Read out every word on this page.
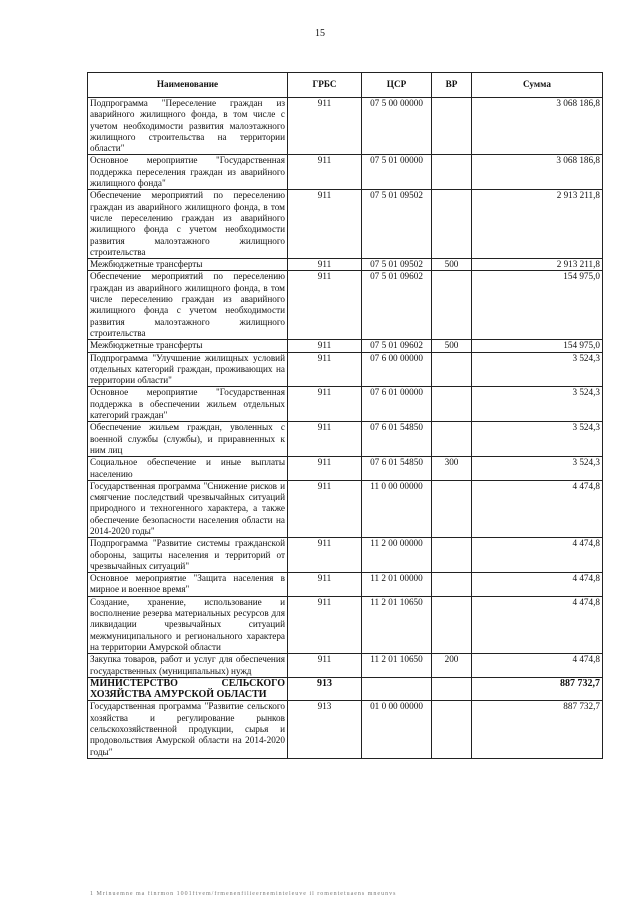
15
Наименование	ГРБС	ЦСР	ВР	Сумма
Подпрограмма "Переселение граждан из аварийного жилищного фонда, в том числе с учетом необходимости развития малоэтажного жилищного строительства на территории области"	911	07 5 00 00000		3 068 186,8
Основное мероприятие "Государственная поддержка переселения граждан из аварийного жилищного фонда"	911	07 5 01 00000		3 068 186,8
Обеспечение мероприятий по переселению граждан из аварийного жилищного фонда, в том числе переселению граждан из аварийного жилищного фонда с учетом необходимости развития малоэтажного жилищного строительства	911	07 5 01 09502		2 913 211,8
Межбюджетные трансферты	911	07 5 01 09502	500	2 913 211,8
Обеспечение мероприятий по переселению граждан из аварийного жилищного фонда, в том числе переселению граждан из аварийного жилищного фонда с учетом необходимости развития малоэтажного жилищного строительства	911	07 5 01 09602		154 975,0
Межбюджетные трансферты	911	07 5 01 09602	500	154 975,0
Подпрограмма "Улучшение жилищных условий отдельных категорий граждан, проживающих на территории области"	911	07 6 00 00000		3 524,3
Основное мероприятие "Государственная поддержка в обеспечении жильем отдельных категорий граждан"	911	07 6 01 00000		3 524,3
Обеспечение жильем граждан, уволенных с военной службы (службы), и приравненных к ним лиц	911	07 6 01 54850		3 524,3
Социальное обеспечение и иные выплаты населению	911	07 6 01 54850	300	3 524,3
Государственная программа "Снижение рисков и смягчение последствий чрезвычайных ситуаций природного и техногенного характера, а также обеспечение безопасности населения области на 2014-2020 годы"	911	11 0 00 00000		4 474,8
Подпрограмма "Развитие системы гражданской обороны, защиты населения и территорий от чрезвычайных ситуаций"	911	11 2 00 00000		4 474,8
Основное мероприятие "Защита населения в мирное и военное время"	911	11 2 01 00000		4 474,8
Создание, хранение, использование и восполнение резерва материальных ресурсов для ликвидации чрезвычайных ситуаций межмуниципального и регионального характера на территории Амурской области	911	11 2 01 10650		4 474,8
Закупка товаров, работ и услуг для обеспечения государственных (муниципальных) нужд	911	11 2 01 10650	200	4 474,8
МИНИСТЕРСТВО СЕЛЬСКОГО ХОЗЯЙСТВА АМУРСКОЙ ОБЛАСТИ	913			887 732,7
Государственная программа "Развитие сельского хозяйства и регулирование рынков сельскохозяйственной продукции, сырья и продовольствия Амурской области на 2014-2020 годы"	913	01 0 00 00000		887 732,7
1 Mrinuemne ma finrmon 1001ftvem/frmenenfilieerneminteleuve il romentetuaens mneunvs
